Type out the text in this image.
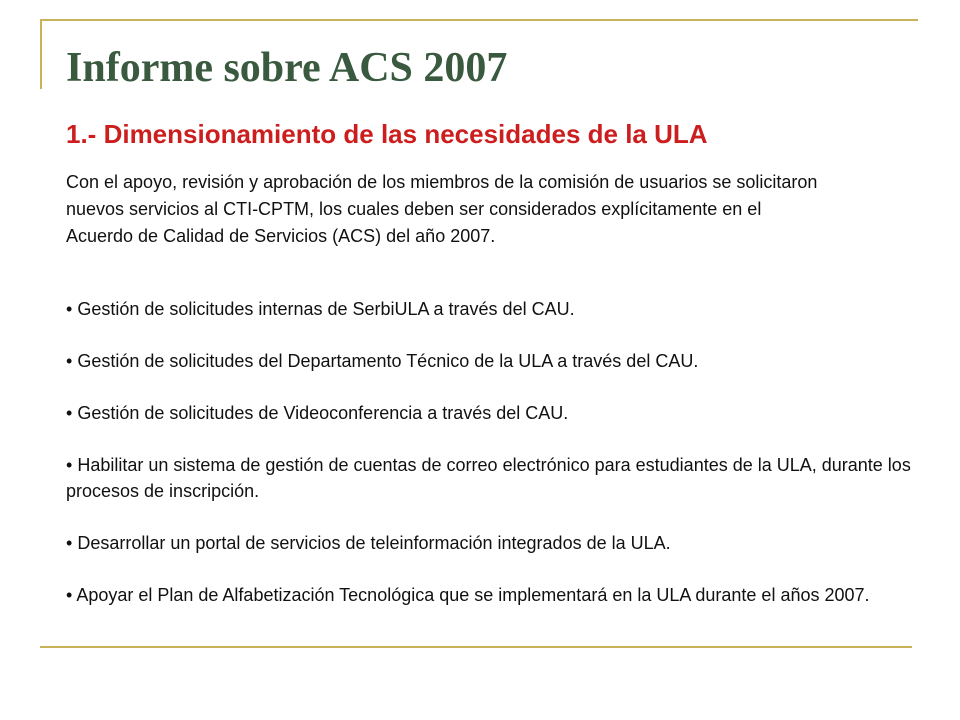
Informe sobre ACS 2007
1.- Dimensionamiento de las necesidades de la ULA

Con el apoyo, revisión y aprobación de los miembros de la comisión de usuarios se solicitaron nuevos servicios al CTI-CPTM, los cuales deben ser considerados explícitamente en el Acuerdo de Calidad de Servicios (ACS) del año 2007.

• Gestión de solicitudes internas de SerbiULA a través del CAU.
• Gestión de solicitudes del Departamento Técnico de la ULA a través del CAU.
• Gestión de solicitudes de Videoconferencia a través del CAU.
• Habilitar un sistema de gestión de cuentas de correo electrónico para estudiantes de la ULA, durante los procesos de inscripción.
• Desarrollar un portal de servicios de teleinformación integrados de la ULA.
• Apoyar el Plan de Alfabetización Tecnológica que se implementará en la ULA durante el años 2007.
